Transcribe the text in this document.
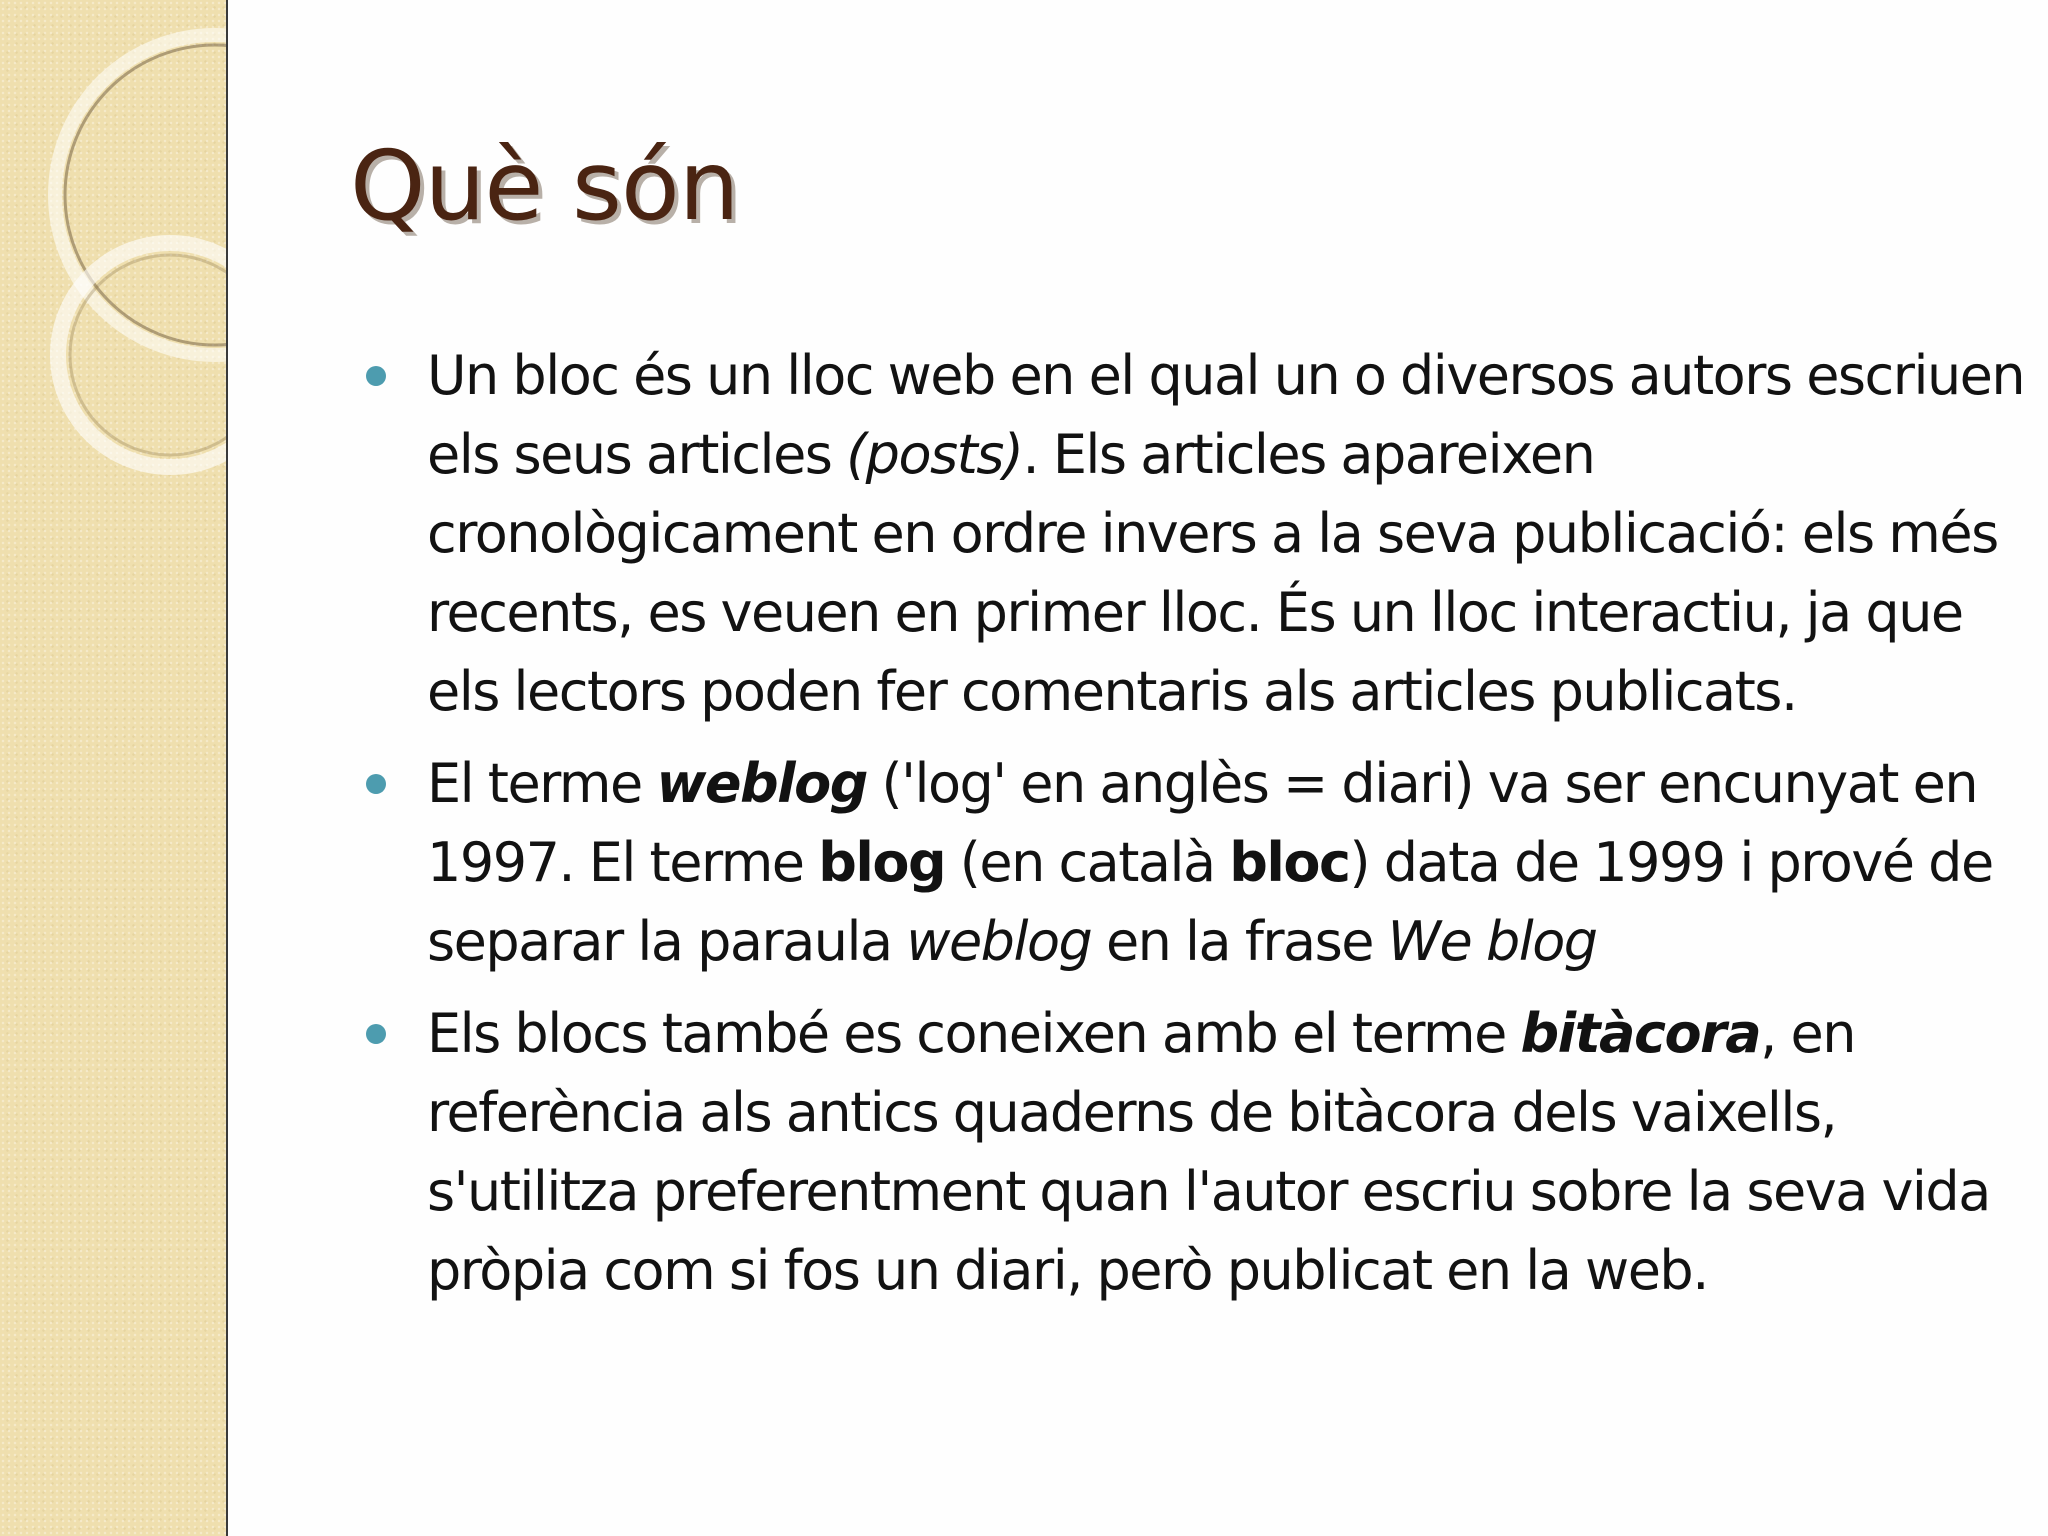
Què són
Un bloc és un lloc web en el qual un o diversos autors escriuen els seus articles (posts). Els articles apareixen cronològicament en ordre invers a la seva publicació: els més recents, es veuen en primer lloc. És un lloc interactiu, ja que els lectors poden fer comentaris als articles publicats.
El terme weblog ('log' en anglès = diari) va ser encunyat en 1997. El terme blog (en català bloc) data de 1999 i prové de separar la paraula weblog en la frase We blog
Els blocs també es coneixen amb el terme bitàcora, en referència als antics quaderns de bitàcora dels vaixells, s'utilitza preferentment quan l'autor escriu sobre la seva vida pròpia com si fos un diari, però publicat en la web.
